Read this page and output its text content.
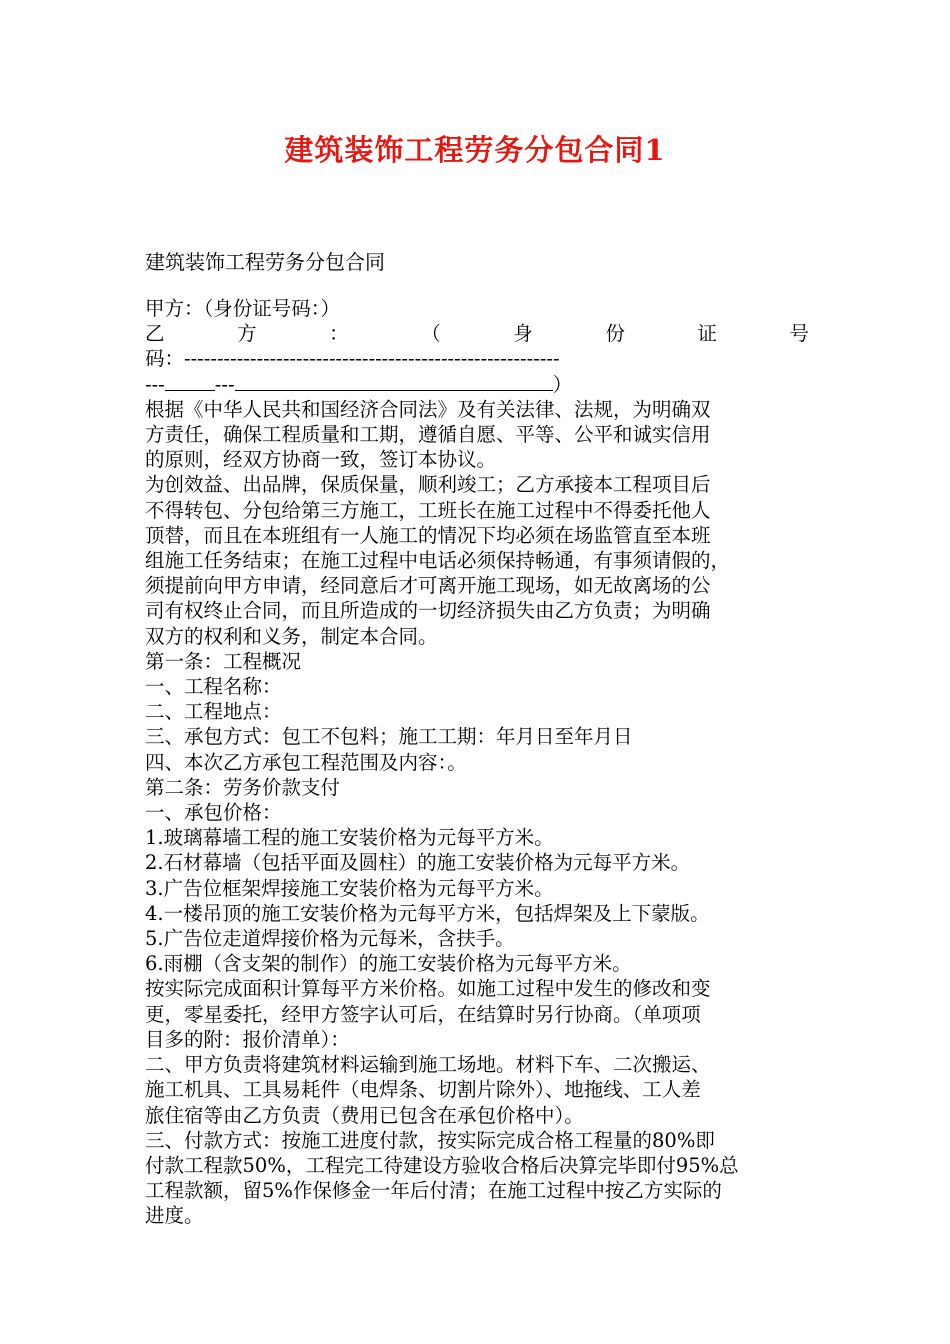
建筑装饰工程劳务分包合同1
建筑装饰工程劳务分包合同
甲方：（身份证号码：）
乙	方	：	（	身	份	证	号
码：---------------------------------------------------------
---	---	）
根据《中华人民共和国经济合同法》及有关法律、法规，为明确双
方责任，确保工程质量和工期，遵循自愿、平等、公平和诚实信用
的原则，经双方协商一致，签订本协议。
为创效益、出品牌，保质保量，顺利竣工；乙方承接本工程项目后
不得转包、分包给第三方施工，工班长在施工过程中不得委托他人
顶替，而且在本班组有一人施工的情况下均必须在场监管直至本班
组施工任务结束；在施工过程中电话必须保持畅通，有事须请假的，
须提前向甲方申请，经同意后才可离开施工现场，如无故离场的公
司有权终止合同，而且所造成的一切经济损失由乙方负责；为明确
双方的权利和义务，制定本合同。
第一条：工程概况
一、工程名称：
二、工程地点：
三、承包方式：包工不包料；施工工期：年月日至年月日
四、本次乙方承包工程范围及内容：。
第二条：劳务价款支付
一、承包价格：
1.玻璃幕墙工程的施工安装价格为元每平方米。
2.石材幕墙（包括平面及圆柱）的施工安装价格为元每平方米。
3.广告位框架焊接施工安装价格为元每平方米。
4.一楼吊顶的施工安装价格为元每平方米，包括焊架及上下蒙版。
5.广告位走道焊接价格为元每米，含扶手。
6.雨棚（含支架的制作）的施工安装价格为元每平方米。
按实际完成面积计算每平方米价格。如施工过程中发生的修改和变
更，零星委托，经甲方签字认可后，在结算时另行协商。（单项项
目多的附：报价清单）：
二、甲方负责将建筑材料运输到施工场地。材料下车、二次搬运、
施工机具、工具易耗件（电焊条、切割片除外）、地拖线、工人差
旅住宿等由乙方负责（费用已包含在承包价格中）。
三、付款方式：按施工进度付款，按实际完成合格工程量的80%即
付款工程款50%，工程完工待建设方验收合格后决算完毕即付95%总
工程款额，留5%作保修金一年后付清；在施工过程中按乙方实际的
进度。
